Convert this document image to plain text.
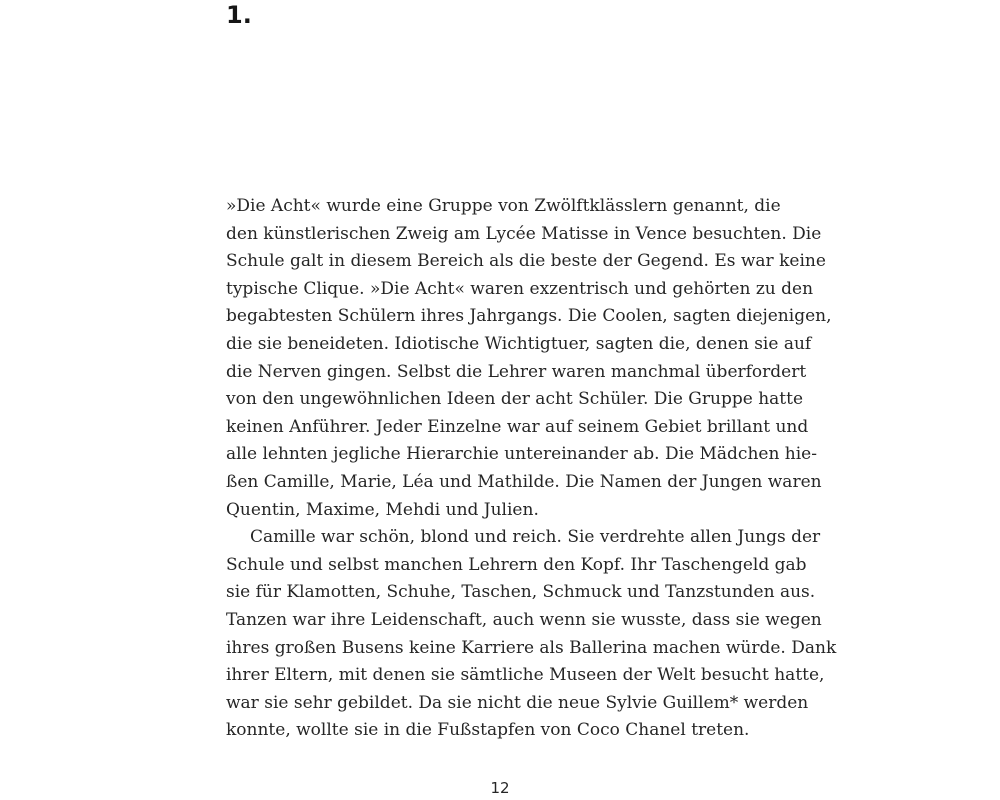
1.
»Die Acht« wurde eine Gruppe von Zwölftklässlern genannt, die
den künstlerischen Zweig am Lycée Matisse in Vence besuchten. Die
Schule galt in diesem Bereich als die beste der Gegend. Es war keine
typische Clique. »Die Acht« waren exzentrisch und gehörten zu den
begabtesten Schülern ihres Jahrgangs. Die Coolen, sagten diejenigen,
die sie beneideten. Idiotische Wichtigtuer, sagten die, denen sie auf
die Nerven gingen. Selbst die Lehrer waren manchmal überfordert
von den ungewöhnlichen Ideen der acht Schüler. Die Gruppe hatte
keinen Anführer. Jeder Einzelne war auf seinem Gebiet brillant und
alle lehnten jegliche Hierarchie untereinander ab. Die Mädchen hie-
ßen Camille, Marie, Léa und Mathilde. Die Namen der Jungen waren
Quentin, Maxime, Mehdi und Julien.
Camille war schön, blond und reich. Sie verdrehte allen Jungs der
Schule und selbst manchen Lehrern den Kopf. Ihr Taschengeld gab
sie für Klamotten, Schuhe, Taschen, Schmuck und Tanzstunden aus.
Tanzen war ihre Leidenschaft, auch wenn sie wusste, dass sie wegen
ihres großen Busens keine Karriere als Ballerina machen würde. Dank
ihrer Eltern, mit denen sie sämtliche Museen der Welt besucht hatte,
war sie sehr gebildet. Da sie nicht die neue Sylvie Guillem* werden
konnte, wollte sie in die Fußstapfen von Coco Chanel treten.
12
